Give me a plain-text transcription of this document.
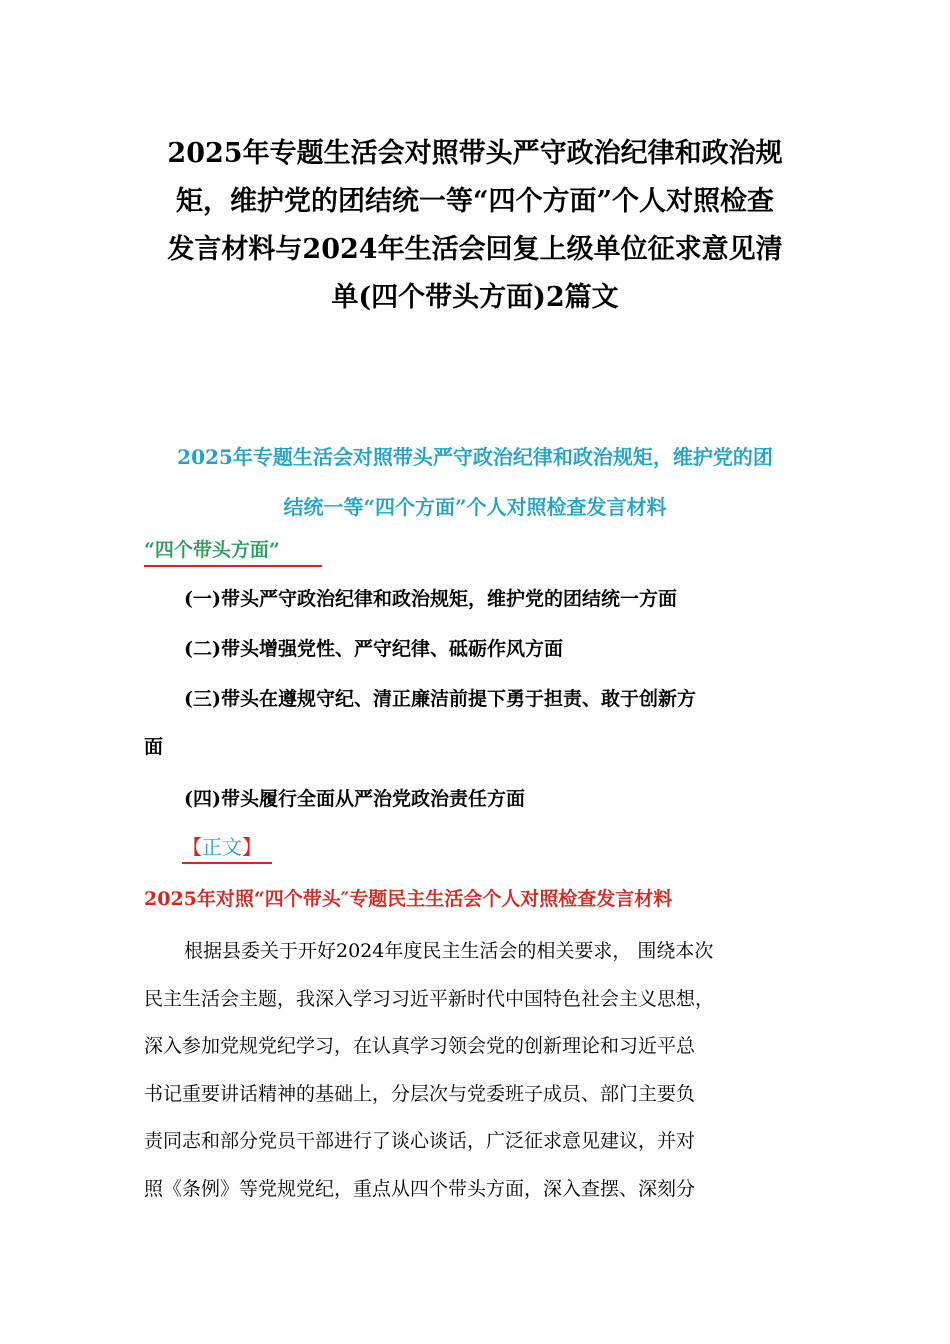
2025年专题生活会对照带头严守政治纪律和政治规
矩，维护党的团结统一等“四个方面”个人对照检查
发言材料与2024年生活会回复上级单位征求意见清
单(四个带头方面)2篇文
2025年专题生活会对照带头严守政治纪律和政治规矩，维护党的团
结统一等“四个方面”个人对照检查发言材料
“四个带头方面”
(一)带头严守政治纪律和政治规矩，维护党的团结统一方面
(二)带头增强党性、严守纪律、砥砺作风方面
(三)带头在遵规守纪、清正廉洁前提下勇于担责、敢于创新方
面
(四)带头履行全面从严治党政治责任方面
【正文】
2025年对照“四个带头″专题民主生活会个人对照检查发言材料
根据县委关于开好2024年度民主生活会的相关要求， 围绕本次
民主生活会主题，我深入学习习近平新时代中国特色社会主义思想，
深入参加党规党纪学习，在认真学习领会党的创新理论和习近平总
书记重要讲话精神的基础上，分层次与党委班子成员、部门主要负
责同志和部分党员干部进行了谈心谈话，广泛征求意见建议，并对
照《条例》等党规党纪，重点从四个带头方面，深入查摆、深刻分
